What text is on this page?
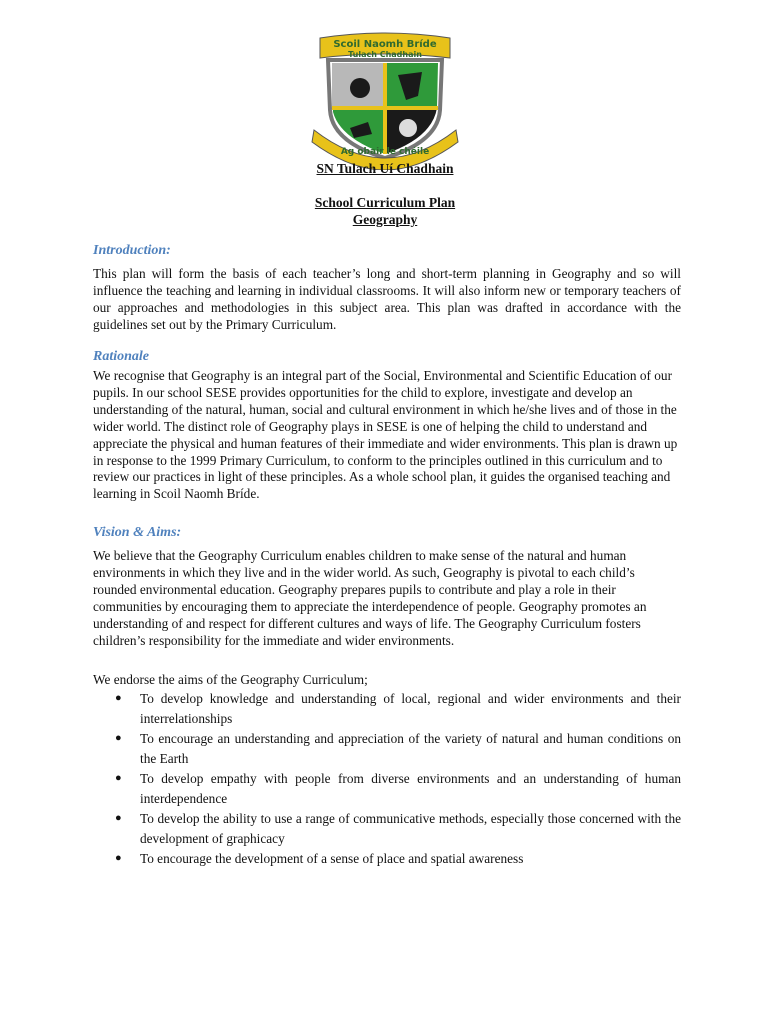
Scoil Naomh Bríde
Tulach Chadhain
Ag obair le chéile
SN Tulach Uí Chadhain
School Curriculum Plan
Geography
Introduction:
This plan will form the basis of each teacher’s long and short-term planning in Geography and so will influence the teaching and learning in individual classrooms. It will also inform new or temporary teachers of our approaches and methodologies in this subject area. This plan was drafted in accordance with the guidelines set out by the Primary Curriculum.
Rationale
We recognise that Geography is an integral part of the Social, Environmental and Scientific Education of our pupils. In our school SESE provides opportunities for the child to explore, investigate and develop an understanding of the natural, human, social and cultural environment in which he/she lives and of those in the wider world. The distinct role of Geography plays in SESE is one of helping the child to understand and appreciate the physical and human features of their immediate and wider environments. This plan is drawn up in response to the 1999 Primary Curriculum, to conform to the principles outlined in this curriculum and to review our practices in light of these principles. As a whole school plan, it guides the organised teaching and learning in Scoil Naomh Bríde.
Vision & Aims:
We believe that the Geography Curriculum enables children to make sense of the natural and human environments in which they live and in the wider world. As such, Geography is pivotal to each child’s rounded environmental education. Geography prepares pupils to contribute and play a role in their communities by encouraging them to appreciate the interdependence of people. Geography promotes an understanding of and respect for different cultures and ways of life. The Geography Curriculum fosters children’s responsibility for the immediate and wider environments.
We endorse the aims of the Geography Curriculum;
● To develop knowledge and understanding of local, regional and wider environments and their interrelationships
● To encourage an understanding and appreciation of the variety of natural and human conditions on the Earth
● To develop empathy with people from diverse environments and an understanding of human interdependence
● To develop the ability to use a range of communicative methods, especially those concerned with the development of graphicacy
● To encourage the development of a sense of place and spatial awareness
